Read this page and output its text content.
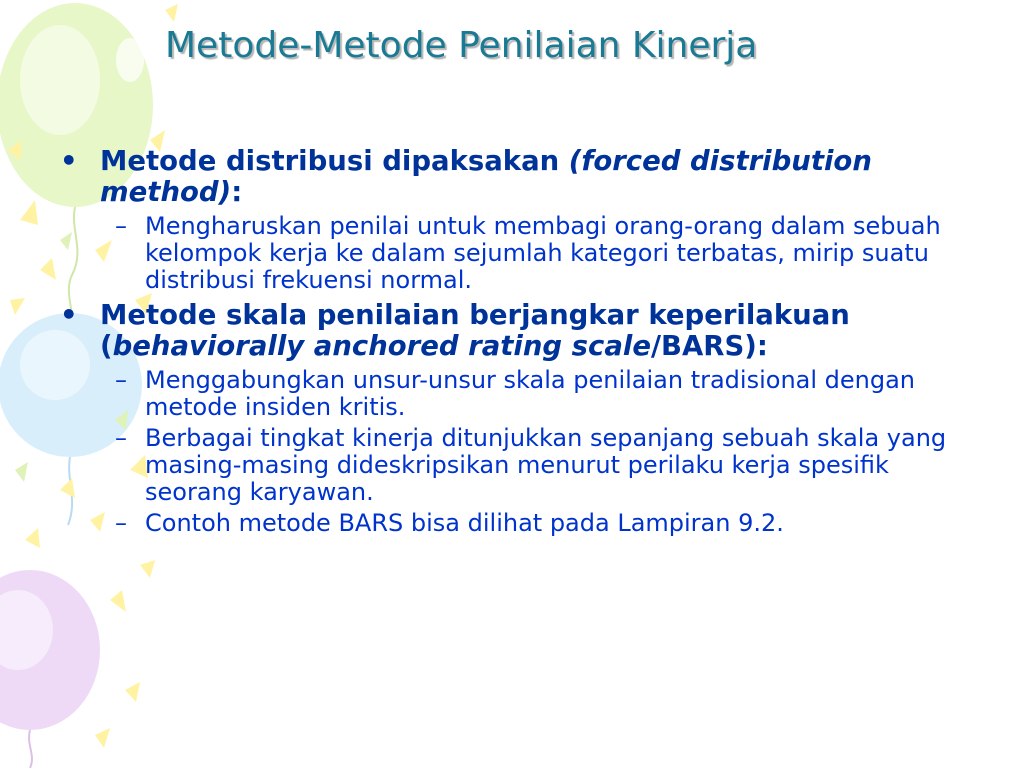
Metode-Metode Penilaian Kinerja
• Metode distribusi dipaksakan (forced distribution method):
– Mengharuskan penilai untuk membagi orang-orang dalam sebuah kelompok kerja ke dalam sejumlah kategori terbatas, mirip suatu distribusi frekuensi normal.
• Metode skala penilaian berjangkar keperilakuan (behaviorally anchored rating scale/BARS):
– Menggabungkan unsur-unsur skala penilaian tradisional dengan metode insiden kritis.
– Berbagai tingkat kinerja ditunjukkan sepanjang sebuah skala yang masing-masing dideskripsikan menurut perilaku kerja spesifik seorang karyawan.
– Contoh metode BARS bisa dilihat pada Lampiran 9.2.
